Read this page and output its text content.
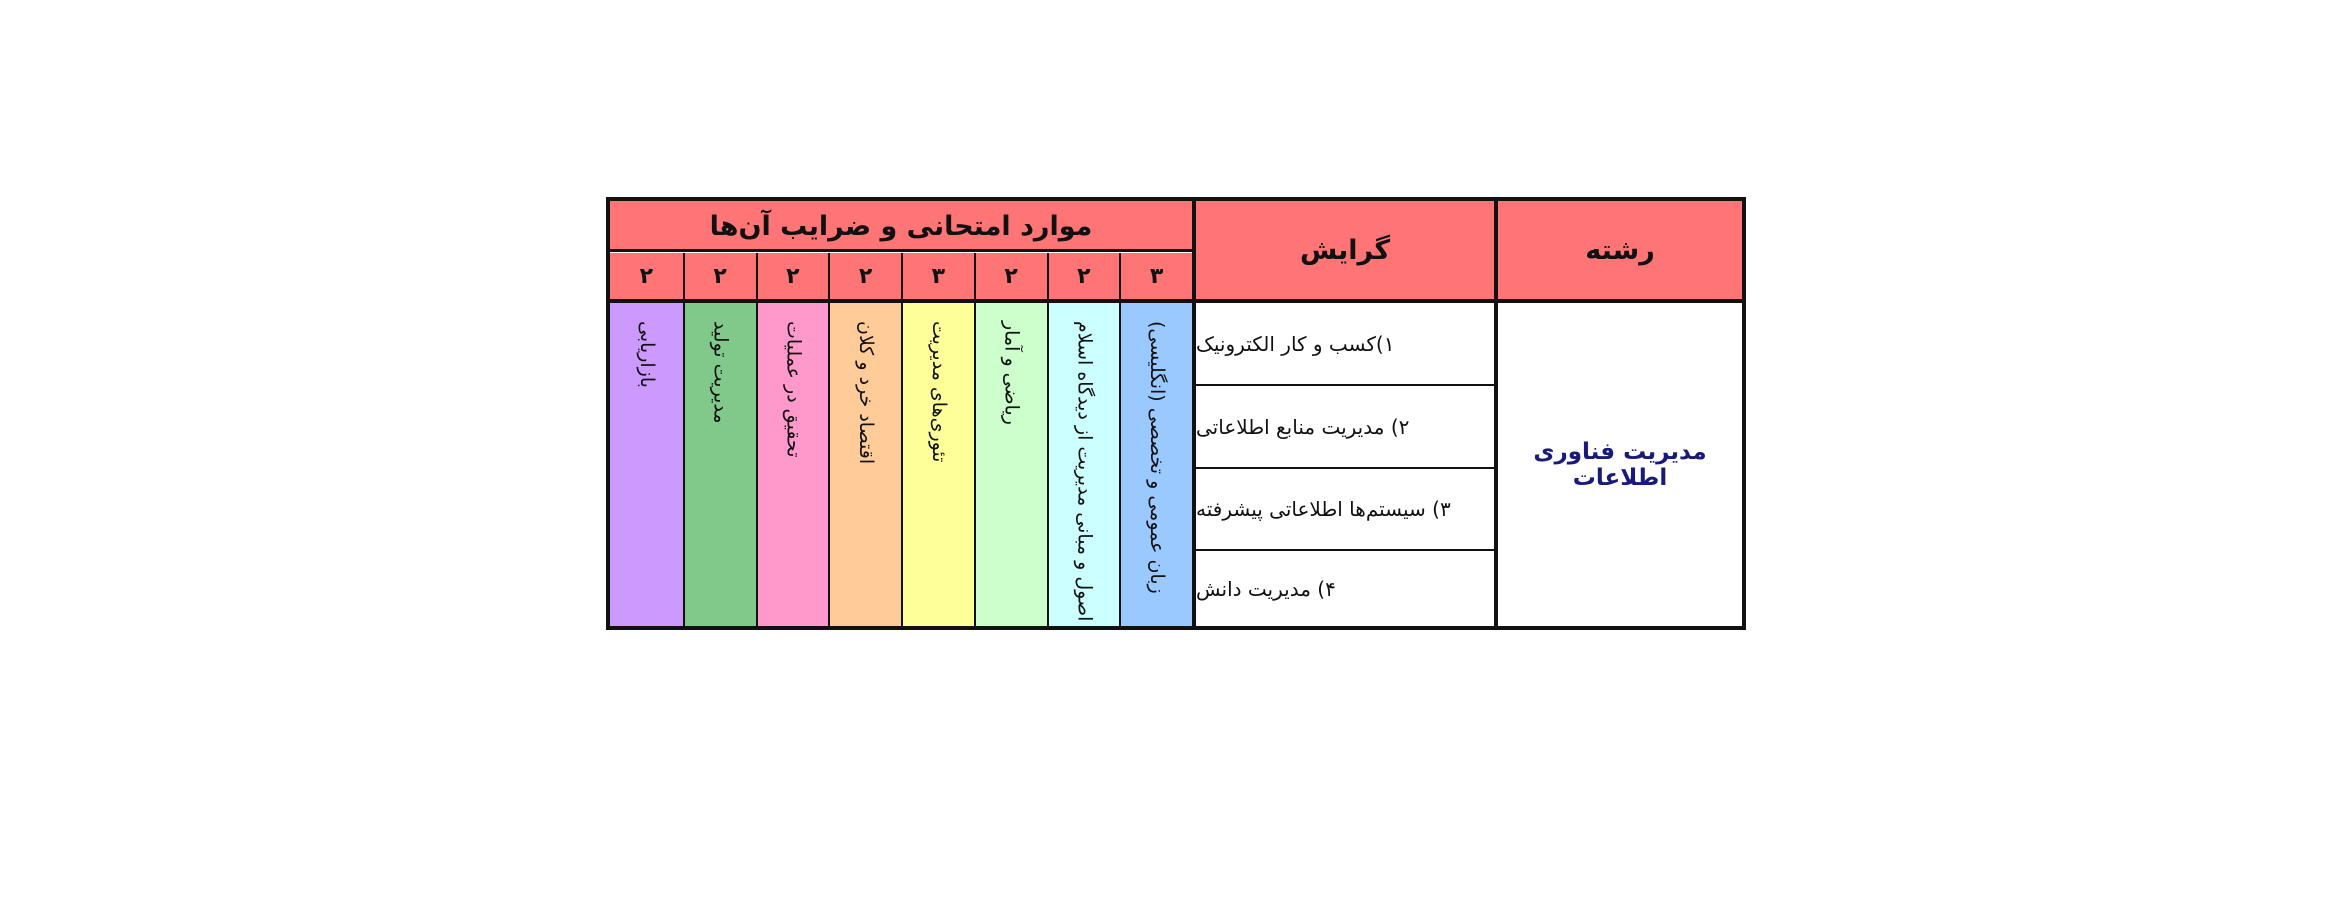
رشته
گرایش
موارد امتحانی و ضرایب آن‌ها
۳
۲
۲
۳
۲
۲
۲
۲
مدیریت فناوری اطلاعات
۱)کسب و کار الکترونیک
۲) مدیریت منابع اطلاعاتی
۳) سیستم‌ها اطلاعاتی پیشرفته
۴) مدیریت دانش
زبان عمومی و تخصصی (انگلیسی)
اصول و مبانی مدیریت از دیدگاه اسلام
ریاضی و آمار
تئوری‌های مدیریت
اقتصاد خرد و کلان
تحقیق در عملیات
مدیریت تولید
بازاریابی
